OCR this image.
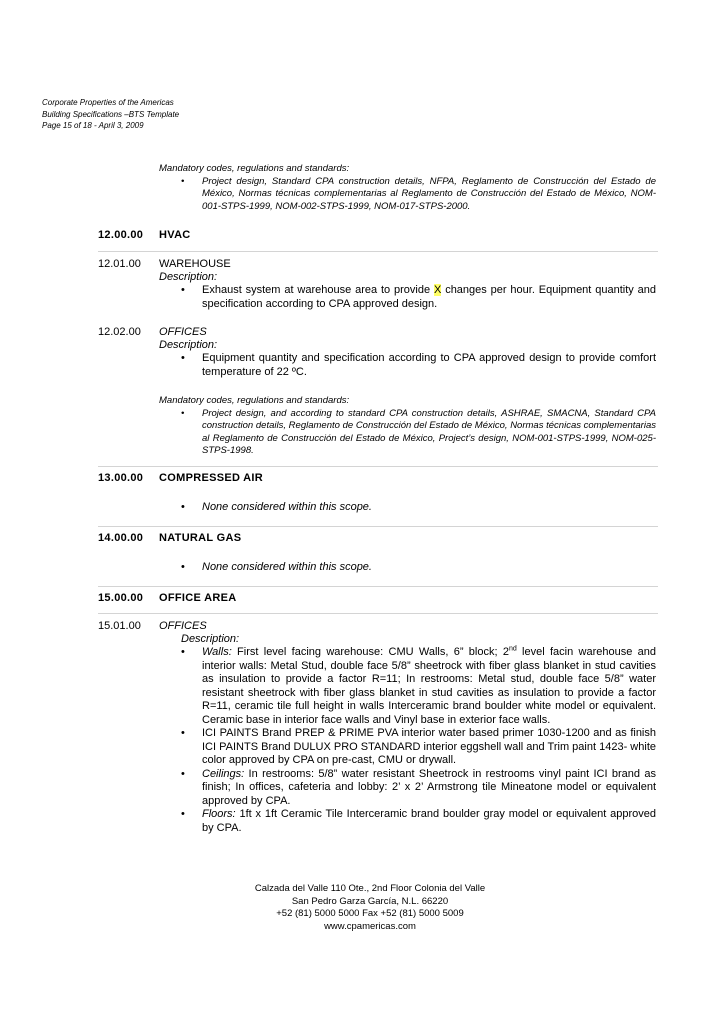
Corporate Properties of the Americas
Building Specifications –BTS Template
Page 15 of 18 - April 3, 2009
Mandatory codes, regulations and standards:
• Project design, Standard CPA construction details, NFPA, Reglamento de Construcción del Estado de México, Normas técnicas complementarias al Reglamento de Construcción del Estado de México, NOM-001-STPS-1999, NOM-002-STPS-1999, NOM-017-STPS-2000.
12.00.00 HVAC
12.01.00 WAREHOUSE
Description:
• Exhaust system at warehouse area to provide X changes per hour. Equipment quantity and specification according to CPA approved design.
12.02.00 OFFICES
Description:
• Equipment quantity and specification according to CPA approved design to provide comfort temperature of 22 ºC.
Mandatory codes, regulations and standards:
• Project design, and according to standard CPA construction details, ASHRAE, SMACNA, Standard CPA construction details, Reglamento de Construcción del Estado de México, Normas técnicas complementarias al Reglamento de Construcción del Estado de México, Project’s design, NOM-001-STPS-1999, NOM-025-STPS-1998.
13.00.00 COMPRESSED AIR
• None considered within this scope.
14.00.00 NATURAL GAS
• None considered within this scope.
15.00.00 OFFICE AREA
15.01.00 OFFICES
Description:
• Walls: First level facing warehouse: CMU Walls, 6” block; 2nd level facin warehouse and interior walls: Metal Stud, double face 5/8” sheetrock with fiber glass blanket in stud cavities as insulation to provide a factor R=11; In restrooms: Metal stud, double face 5/8” water resistant sheetrock with fiber glass blanket in stud cavities as insulation to provide a factor R=11, ceramic tile full height in walls Interceramic brand boulder white model or equivalent. Ceramic base in interior face walls and Vinyl base in exterior face walls.
• ICI PAINTS Brand PREP & PRIME PVA interior water based primer 1030-1200 and as finish ICI PAINTS Brand DULUX PRO STANDARD interior eggshell wall and Trim paint 1423- white color approved by CPA on pre-cast, CMU or drywall.
• Ceilings: In restrooms: 5/8” water resistant Sheetrock in restrooms vinyl paint ICI brand as finish; In offices, cafeteria and lobby: 2’ x 2’ Armstrong tile Mineatone model or equivalent approved by CPA.
• Floors: 1ft x 1ft Ceramic Tile Interceramic brand boulder gray model or equivalent approved by CPA.
Calzada del Valle 110 Ote., 2nd Floor Colonia del Valle
San Pedro Garza García, N.L. 66220
+52 (81) 5000 5000 Fax +52 (81) 5000 5009
www.cpamericas.com
